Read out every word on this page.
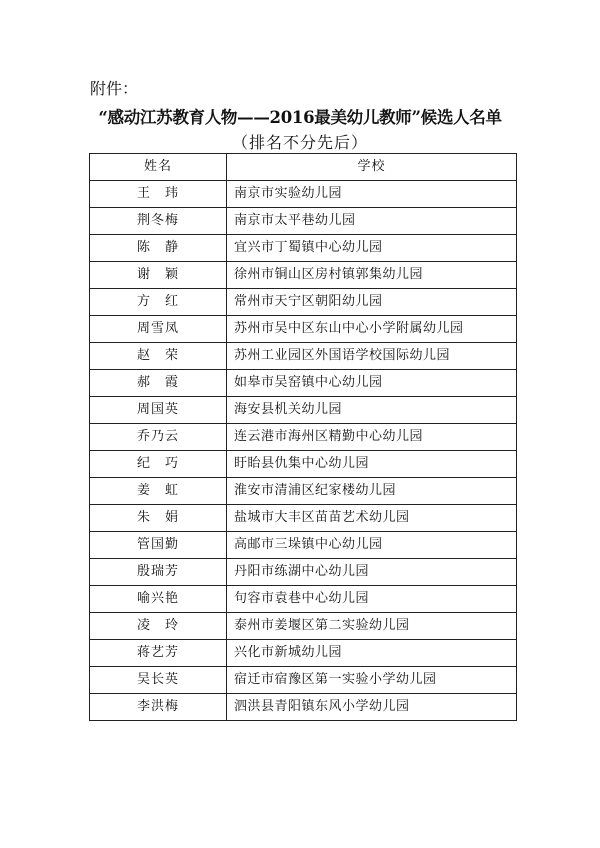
附件：
“感动江苏教育人物——2016最美幼儿教师”候选人名单
（排名不分先后）
姓名	学校
王　玮	南京市实验幼儿园
荆冬梅	南京市太平巷幼儿园
陈　静	宜兴市丁蜀镇中心幼儿园
谢　颖	徐州市铜山区房村镇郭集幼儿园
方　红	常州市天宁区朝阳幼儿园
周雪凤	苏州市吴中区东山中心小学附属幼儿园
赵　荣	苏州工业园区外国语学校国际幼儿园
郝　霞	如皋市吴窑镇中心幼儿园
周国英	海安县机关幼儿园
乔乃云	连云港市海州区精勤中心幼儿园
纪　巧	盱眙县仇集中心幼儿园
姜　虹	淮安市清浦区纪家楼幼儿园
朱　娟	盐城市大丰区苗苗艺术幼儿园
管国勤	高邮市三垛镇中心幼儿园
殷瑞芳	丹阳市练湖中心幼儿园
喻兴艳	句容市袁巷中心幼儿园
凌　玲	泰州市姜堰区第二实验幼儿园
蒋艺芳	兴化市新城幼儿园
吴长英	宿迁市宿豫区第一实验小学幼儿园
李洪梅	泗洪县青阳镇东风小学幼儿园
